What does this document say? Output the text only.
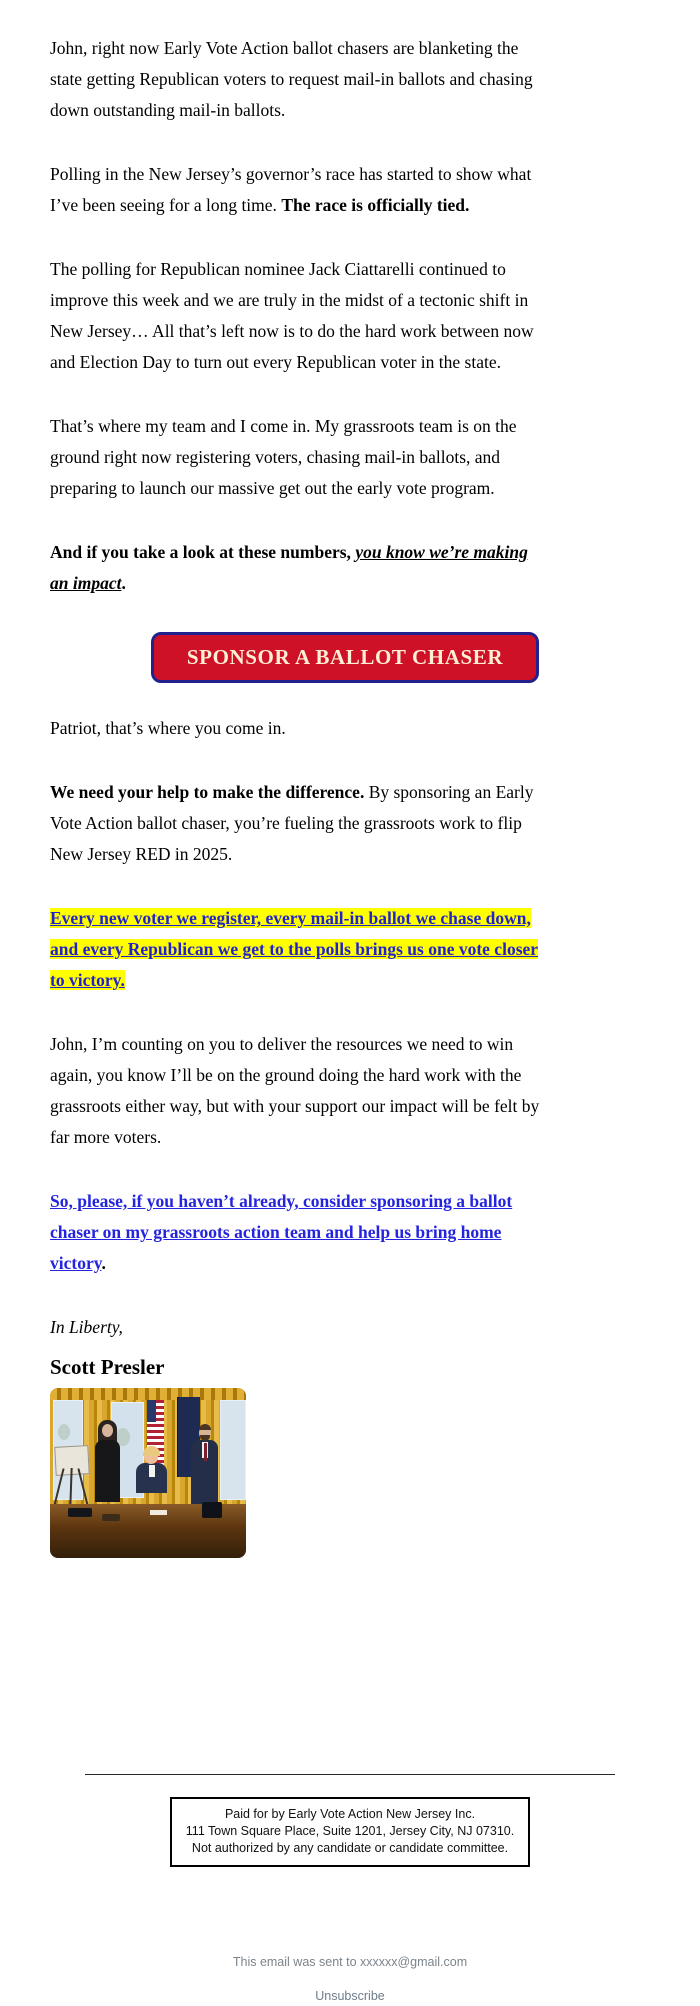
John, right now Early Vote Action ballot chasers are blanketing the
state getting Republican voters to request mail-in ballots and chasing
down outstanding mail-in ballots.

Polling in the New Jersey’s governor’s race has started to show what
I’ve been seeing for a long time. The race is officially tied.

The polling for Republican nominee Jack Ciattarelli continued to
improve this week and we are truly in the midst of a tectonic shift in
New Jersey… All that’s left now is to do the hard work between now
and Election Day to turn out every Republican voter in the state.

That’s where my team and I come in. My grassroots team is on the
ground right now registering voters, chasing mail-in ballots, and
preparing to launch our massive get out the early vote program.

And if you take a look at these numbers, you know we’re making
an impact.

SPONSOR A BALLOT CHASER

Patriot, that’s where you come in.

We need your help to make the difference. By sponsoring an Early
Vote Action ballot chaser, you’re fueling the grassroots work to flip
New Jersey RED in 2025.

Every new voter we register, every mail-in ballot we chase down,
and every Republican we get to the polls brings us one vote closer
to victory.

John, I’m counting on you to deliver the resources we need to win
again, you know I’ll be on the ground doing the hard work with the
grassroots either way, but with your support our impact will be felt by
far more voters.

So, please, if you haven’t already, consider sponsoring a ballot
chaser on my grassroots action team and help us bring home
victory.

In Liberty,

Scott Presler

Paid for by Early Vote Action New Jersey Inc.
111 Town Square Place, Suite 1201, Jersey City, NJ 07310.
Not authorized by any candidate or candidate committee.
This email was sent to xxxxxx@gmail.com
Unsubscribe
